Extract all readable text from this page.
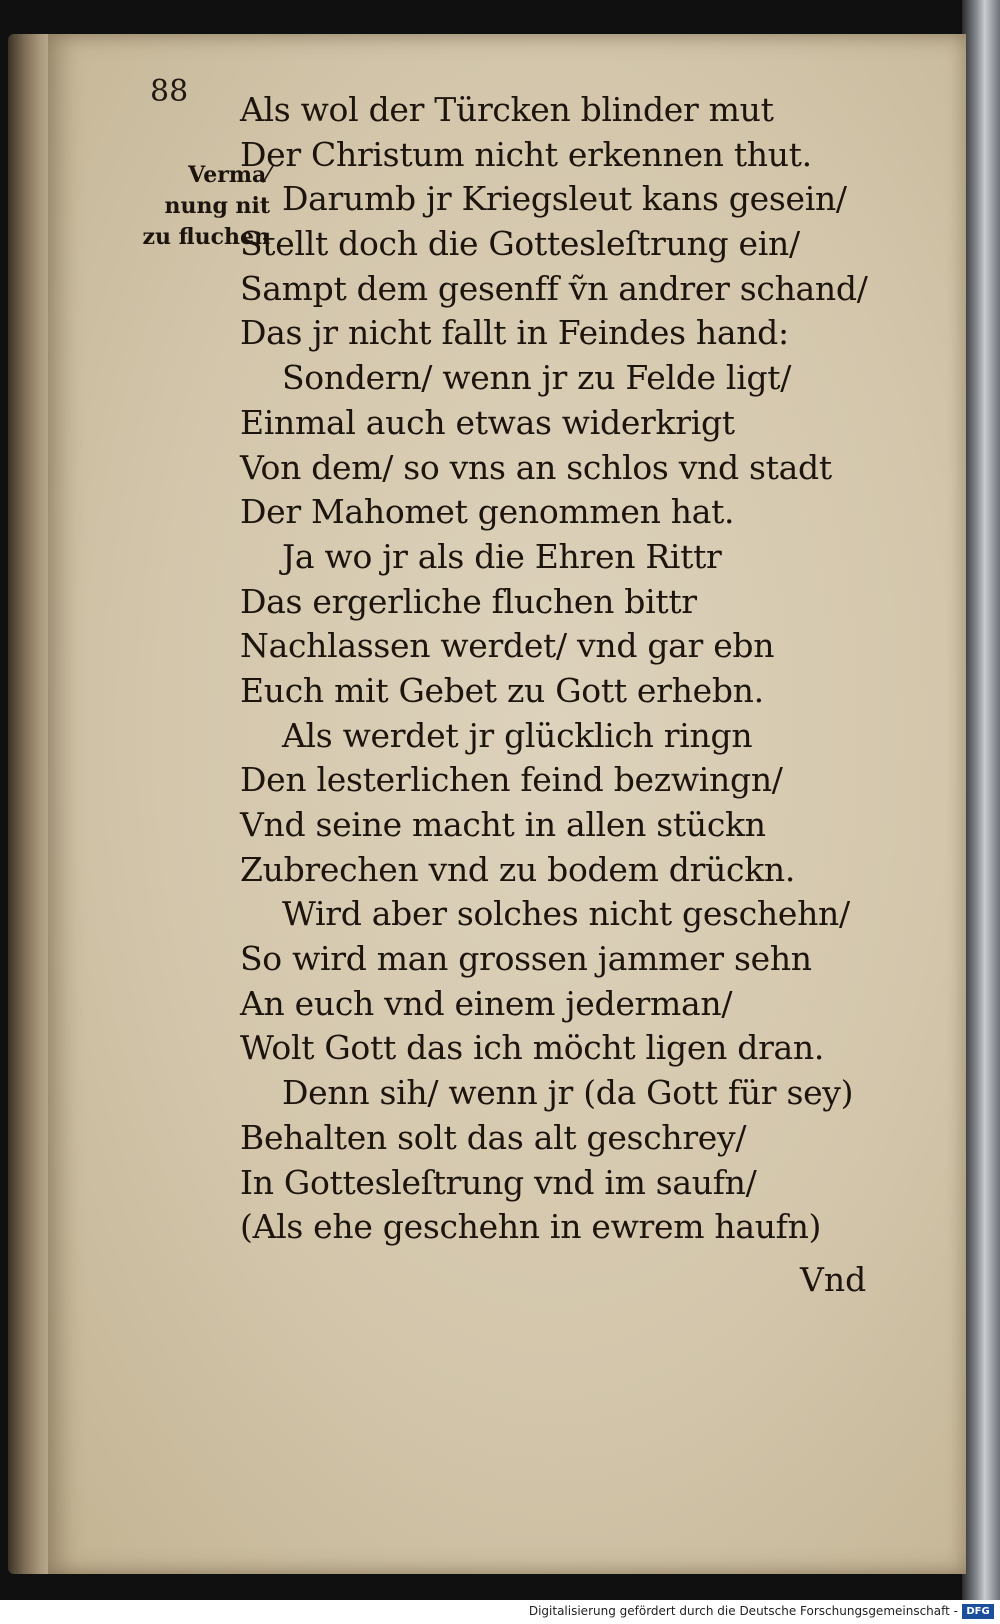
88
Verma⁄
nung nit
zu fluchen
Als wol der Türcken blinder mut
Der Christum nicht erkennen thut.
Darumb jr Kriegsleut kans gesein/
Stellt doch die Gottesleſtrung ein/
Sampt dem gesenff ṽn andrer schand/
Das jr nicht fallt in Feindes hand:
Sondern/ wenn jr zu Felde ligt/
Einmal auch etwas widerkrigt
Von dem/ so vns an schlos vnd stadt
Der Mahomet genommen hat.
Ja wo jr als die Ehren Rittr
Das ergerliche fluchen bittr
Nachlassen werdet/ vnd gar ebn
Euch mit Gebet zu Gott erhebn.
Als werdet jr glücklich ringn
Den lesterlichen feind bezwingn/
Vnd seine macht in allen stückn
Zubrechen vnd zu bodem drückn.
Wird aber solches nicht geschehn/
So wird man grossen jammer sehn
An euch vnd einem jederman/
Wolt Gott das ich möcht ligen dran.
Denn sih/ wenn jr (da Gott für sey)
Behalten solt das alt geschrey/
In Gottesleſtrung vnd im saufn/
(Als ehe geschehn in ewrem haufn)
Vnd
Digitalisierung gefördert durch die Deutsche Forschungsgemeinschaft - DFG
